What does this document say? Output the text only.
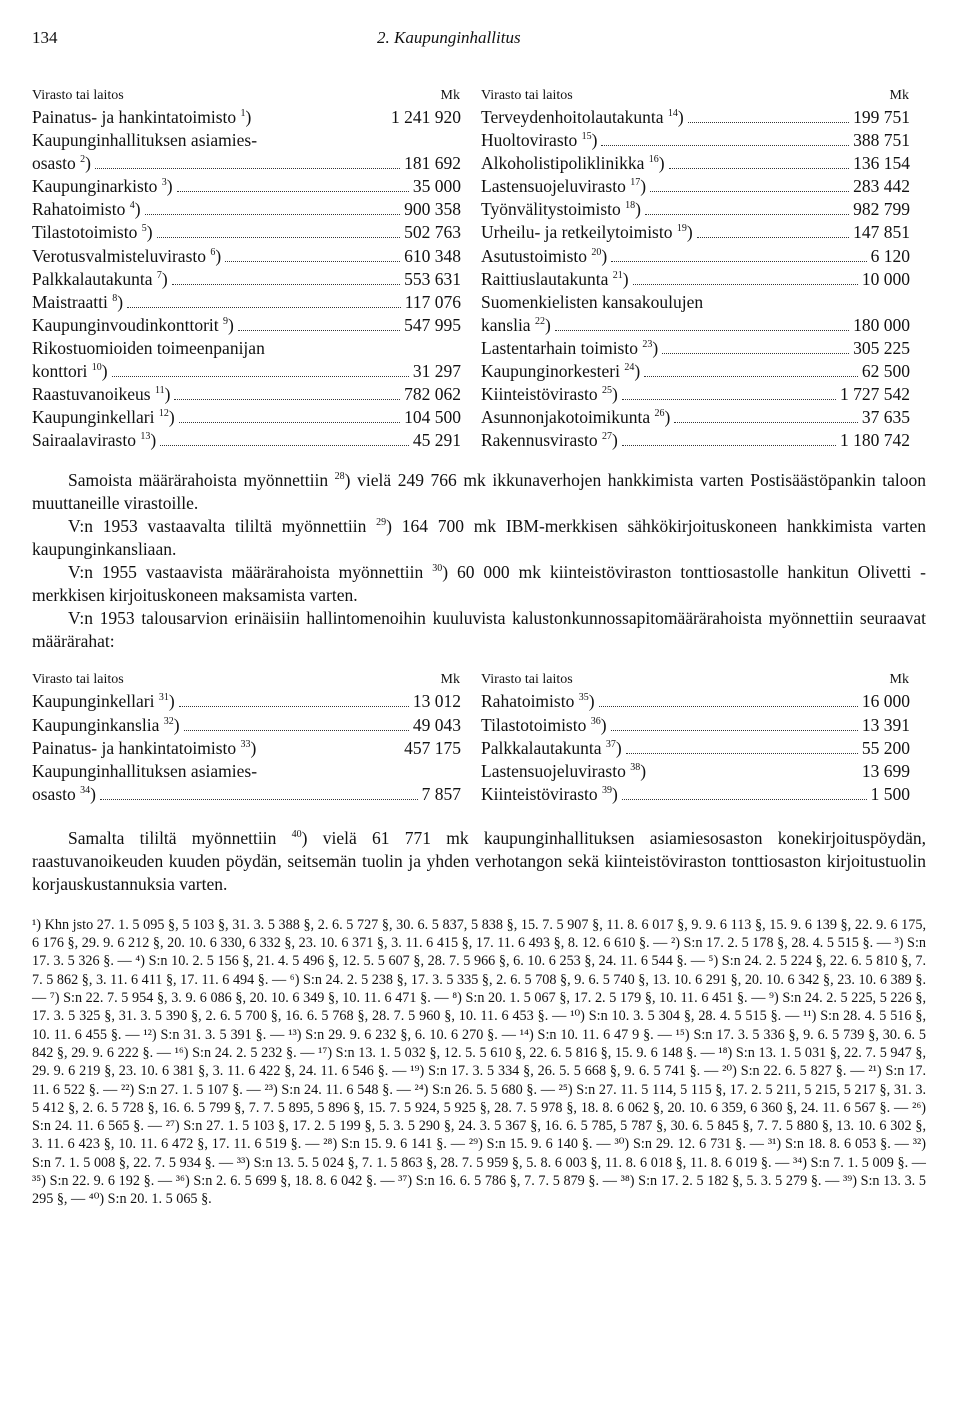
134	2. Kaupunginhallitus
Virasto tai laitos	Mk
Painatus- ja hankintatoimisto $^1$)	1 241 920
Kaupunginhallituksen asiamies-
osasto $^2$)	181 692
Kaupunginarkisto $^3$)	35 000
Rahatoimisto $^4$)	900 358
Tilastotoimisto $^5$)	502 763
Verotusvalmisteluvirasto $^6$)	610 348
Palkkalautakunta $^7$)	553 631
Maistraatti $^8$)	117 076
Kaupunginvoudinkonttorit $^9$)	547 995
Rikostuomioiden toimeenpanijan
konttori $^{10}$)	31 297
Raastuvanoikeus $^{11}$)	782 062
Kaupunginkellari $^{12}$)	104 500
Sairaalavirasto $^{13}$)	45 291
Virasto tai laitos	Mk
Terveydenhoitolautakunta $^{14}$)	199 751
Huoltovirasto $^{15}$)	388 751
Alkoholistipoliklinikka $^{16}$)	136 154
Lastensuojeluvirasto $^{17}$)	283 442
Työnvälitystoimisto $^{18}$)	982 799
Urheilu- ja retkeilytoimisto $^{19}$)	147 851
Asutustoimisto $^{20}$)	6 120
Raittiuslautakunta $^{21}$)	10 000
Suomenkielisten kansakoulujen
kanslia $^{22}$)	180 000
Lastentarhain toimisto $^{23}$)	305 225
Kaupunginorkesteri $^{24}$)	62 500
Kiinteistövirasto $^{25}$)	1 727 542
Asunnonjakotoimikunta $^{26}$)	37 635
Rakennusvirasto $^{27}$)	1 180 742

Samoista määrärahoista myönnettiin $^{28}$) vielä 249 766 mk ikkunaverhojen hankkimista varten Postisäästöpankin taloon muuttaneille virastoille.

V:n 1953 vastaavalta tililtä myönnettiin $^{29}$) 164 700 mk IBM-merkkisen sähkökirjoituskoneen hankkimista varten kaupunginkansliaan.

V:n 1955 vastaavista määrärahoista myönnettiin $^{30}$) 60 000 mk kiinteistöviraston tonttiosastolle hankitun Olivetti -merkkisen kirjoituskoneen maksamista varten.

V:n 1953 talousarvion erinäisiin hallintomenoihin kuuluvista kalustonkunnossapitomäärärahoista myönnettiin seuraavat määrärahat:

Virasto tai laitos	Mk
Kaupunginkellari $^{31}$)	13 012
Kaupunginkanslia $^{32}$)	49 043
Painatus- ja hankintatoimisto $^{33}$)	457 175
Kaupunginhallituksen asiamies-
osasto $^{34}$)	7 857
Virasto tai laitos	Mk
Rahatoimisto $^{35}$)	16 000
Tilastotoimisto $^{36}$)	13 391
Palkkalautakunta $^{37}$)	55 200
Lastensuojeluvirasto $^{38}$)	13 699
Kiinteistövirasto $^{39}$)	1 500

Samalta tililtä myönnettiin $^{40}$) vielä 61 771 mk kaupunginhallituksen asiamiesosaston konekirjoituspöydän, raastuvanoikeuden kuuden pöydän, seitsemän tuolin ja yhden verhotangon sekä kiinteistöviraston tonttiosaston kirjoitustuolin korjauskustannuksia varten.

¹) Khn jsto 27. 1. 5 095 §, 5 103 §, 31. 3. 5 388 §, 2. 6. 5 727 §, 30. 6. 5 837, 5 838 §, 15. 7. 5 907 §, 11. 8. 6 017 §, 9. 9. 6 113 §, 15. 9. 6 139 §, 22. 9. 6 175, 6 176 §, 29. 9. 6 212 §, 20. 10. 6 330, 6 332 §, 23. 10. 6 371 §, 3. 11. 6 415 §, 17. 11. 6 493 §, 8. 12. 6 610 §. — ²) S:n 17. 2. 5 178 §, 28. 4. 5 515 §. — ³) S:n 17. 3. 5 326 §. — ⁴) S:n 10. 2. 5 156 §, 21. 4. 5 496 §, 12. 5. 5 607 §, 28. 7. 5 966 §, 6. 10. 6 253 §, 24. 11. 6 544 §. — ⁵) S:n 24. 2. 5 224 §, 22. 6. 5 810 §, 7. 7. 5 862 §, 3. 11. 6 411 §, 17. 11. 6 494 §. — ⁶) S:n 24. 2. 5 238 §, 17. 3. 5 335 §, 2. 6. 5 708 §, 9. 6. 5 740 §, 13. 10. 6 291 §, 20. 10. 6 342 §, 23. 10. 6 389 §. — ⁷) S:n 22. 7. 5 954 §, 3. 9. 6 086 §, 20. 10. 6 349 §, 10. 11. 6 471 §. — ⁸) S:n 20. 1. 5 067 §, 17. 2. 5 179 §, 10. 11. 6 451 §. — ⁹) S:n 24. 2. 5 225, 5 226 §, 17. 3. 5 325 §, 31. 3. 5 390 §, 2. 6. 5 700 §, 16. 6. 5 768 §, 28. 7. 5 960 §, 10. 11. 6 453 §. — ¹⁰) S:n 10. 3. 5 304 §, 28. 4. 5 515 §. — ¹¹) S:n 28. 4. 5 516 §, 10. 11. 6 455 §. — ¹²) S:n 31. 3. 5 391 §. — ¹³) S:n 29. 9. 6 232 §, 6. 10. 6 270 §. — ¹⁴) S:n 10. 11. 6 47 9 §. — ¹⁵) S:n 17. 3. 5 336 §, 9. 6. 5 739 §, 30. 6. 5 842 §, 29. 9. 6 222 §. — ¹⁶) S:n 24. 2. 5 232 §. — ¹⁷) S:n 13. 1. 5 032 §, 12. 5. 5 610 §, 22. 6. 5 816 §, 15. 9. 6 148 §. — ¹⁸) S:n 13. 1. 5 031 §, 22. 7. 5 947 §, 29. 9. 6 219 §, 23. 10. 6 381 §, 3. 11. 6 422 §, 24. 11. 6 546 §. — ¹⁹) S:n 17. 3. 5 334 §, 26. 5. 5 668 §, 9. 6. 5 741 §. — ²⁰) S:n 22. 6. 5 827 §. — ²¹) S:n 17. 11. 6 522 §. — ²²) S:n 27. 1. 5 107 §. — ²³) S:n 24. 11. 6 548 §. — ²⁴) S:n 26. 5. 5 680 §. — ²⁵) S:n 27. 11. 5 114, 5 115 §, 17. 2. 5 211, 5 215, 5 217 §, 31. 3. 5 412 §, 2. 6. 5 728 §, 16. 6. 5 799 §, 7. 7. 5 895, 5 896 §, 15. 7. 5 924, 5 925 §, 28. 7. 5 978 §, 18. 8. 6 062 §, 20. 10. 6 359, 6 360 §, 24. 11. 6 567 §. — ²⁶) S:n 24. 11. 6 565 §. — ²⁷) S:n 27. 1. 5 103 §, 17. 2. 5 199 §, 5. 3. 5 290 §, 24. 3. 5 367 §, 16. 6. 5 785, 5 787 §, 30. 6. 5 845 §, 7. 7. 5 880 §, 13. 10. 6 302 §, 3. 11. 6 423 §, 10. 11. 6 472 §, 17. 11. 6 519 §. — ²⁸) S:n 15. 9. 6 141 §. — ²⁹) S:n 15. 9. 6 140 §. — ³⁰) S:n 29. 12. 6 731 §. — ³¹) S:n 18. 8. 6 053 §. — ³²) S:n 7. 1. 5 008 §, 22. 7. 5 934 §. — ³³) S:n 13. 5. 5 024 §, 7. 1. 5 863 §, 28. 7. 5 959 §, 5. 8. 6 003 §, 11. 8. 6 018 §, 11. 8. 6 019 §. — ³⁴) S:n 7. 1. 5 009 §. — ³⁵) S:n 22. 9. 6 192 §. — ³⁶) S:n 2. 6. 5 699 §, 18. 8. 6 042 §. — ³⁷) S:n 16. 6. 5 786 §, 7. 7. 5 879 §. — ³⁸) S:n 17. 2. 5 182 §, 5. 3. 5 279 §. — ³⁹) S:n 13. 3. 5 295 §, — ⁴⁰) S:n 20. 1. 5 065 §.
